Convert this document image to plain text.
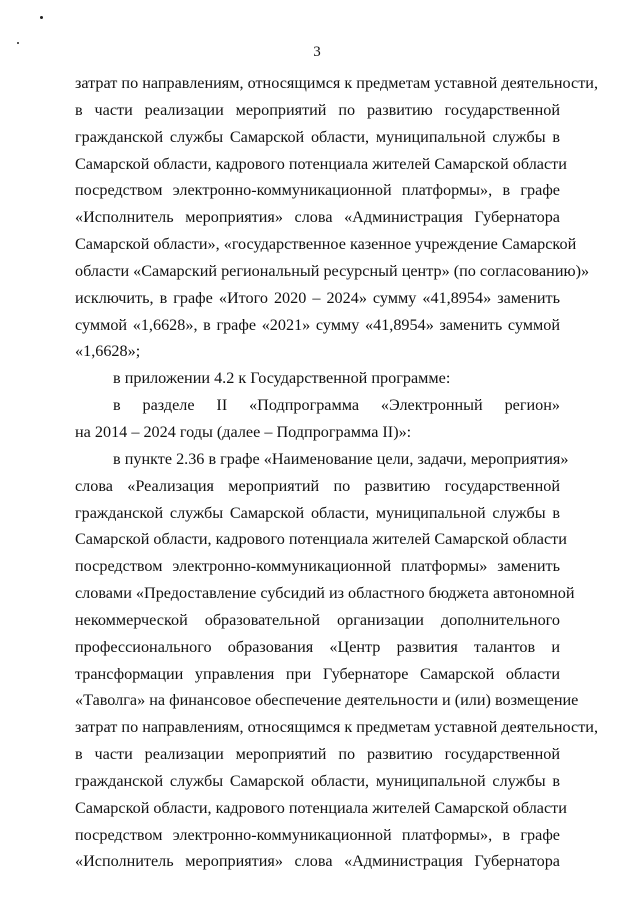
3
затрат по направлениям, относящимся к предметам уставной деятельности,
в части реализации мероприятий по развитию государственной
гражданской службы Самарской области, муниципальной службы в
Самарской области, кадрового потенциала жителей Самарской области
посредством электронно-коммуникационной платформы», в графе
«Исполнитель мероприятия» слова «Администрация Губернатора
Самарской области», «государственное казенное учреждение Самарской
области «Самарский региональный ресурсный центр» (по согласованию)»
исключить, в графе «Итого 2020 – 2024» сумму «41,8954» заменить
суммой «1,6628», в графе «2021» сумму «41,8954» заменить суммой
«1,6628»;
в приложении 4.2 к Государственной программе:
в разделе II «Подпрограмма «Электронный регион»
на 2014 – 2024 годы (далее – Подпрограмма II)»:
в пункте 2.36 в графе «Наименование цели, задачи, мероприятия»
слова «Реализация мероприятий по развитию государственной
гражданской службы Самарской области, муниципальной службы в
Самарской области, кадрового потенциала жителей Самарской области
посредством электронно-коммуникационной платформы» заменить
словами «Предоставление субсидий из областного бюджета автономной
некоммерческой образовательной организации дополнительного
профессионального образования «Центр развития талантов и
трансформации управления при Губернаторе Самарской области
«Таволга» на финансовое обеспечение деятельности и (или) возмещение
затрат по направлениям, относящимся к предметам уставной деятельности,
в части реализации мероприятий по развитию государственной
гражданской службы Самарской области, муниципальной службы в
Самарской области, кадрового потенциала жителей Самарской области
посредством электронно-коммуникационной платформы», в графе
«Исполнитель мероприятия» слова «Администрация Губернатора
